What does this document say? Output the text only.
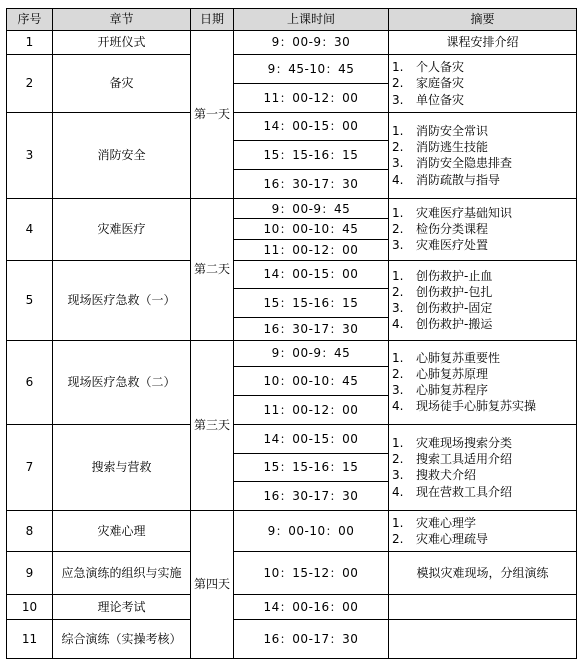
序号	章节	日期	上课时间	摘要
1	开班仪式	第一天	9：00-9：30	课程安排介绍
2	备灾		9：45-10：45	1. 个人备灾
2. 家庭备灾
3. 单位备灾

			11：00-12：00	
3	消防安全		14：00-15：00	1. 消防安全常识
2. 消防逃生技能
3. 消防安全隐患排查
4. 消防疏散与指导

			15：15-16：15	
			16：30-17：30	
4	灾难医疗	第二天	9：00-9：45	1. 灾难医疗基础知识
2. 检伤分类课程
3. 灾难医疗处置

			10：00-10：45	
			11：00-12：00	
5	现场医疗急救（一）		14：00-15：00	1. 创伤救护-止血
2. 创伤救护-包扎
3. 创伤救护-固定
4. 创伤救护-搬运

			15：15-16：15	
			16：30-17：30	
6	现场医疗急救（二）	第三天	9：00-9：45	1. 心肺复苏重要性
2. 心肺复苏原理
3. 心肺复苏程序
4. 现场徒手心肺复苏实操

			10：00-10：45	
			11：00-12：00	
7	搜索与营救		14：00-15：00	1. 灾难现场搜索分类
2. 搜索工具适用介绍
3. 搜救犬介绍
4. 现在营救工具介绍

			15：15-16：15	
			16：30-17：30	
8	灾难心理	第四天	9：00-10：00	1. 灾难心理学
2. 灾难心理疏导

9	应急演练的组织与实施		10：15-12：00	模拟灾难现场，分组演练
10	理论考试		14：00-16：00	
11	综合演练（实操考核）		16：00-17：30	
